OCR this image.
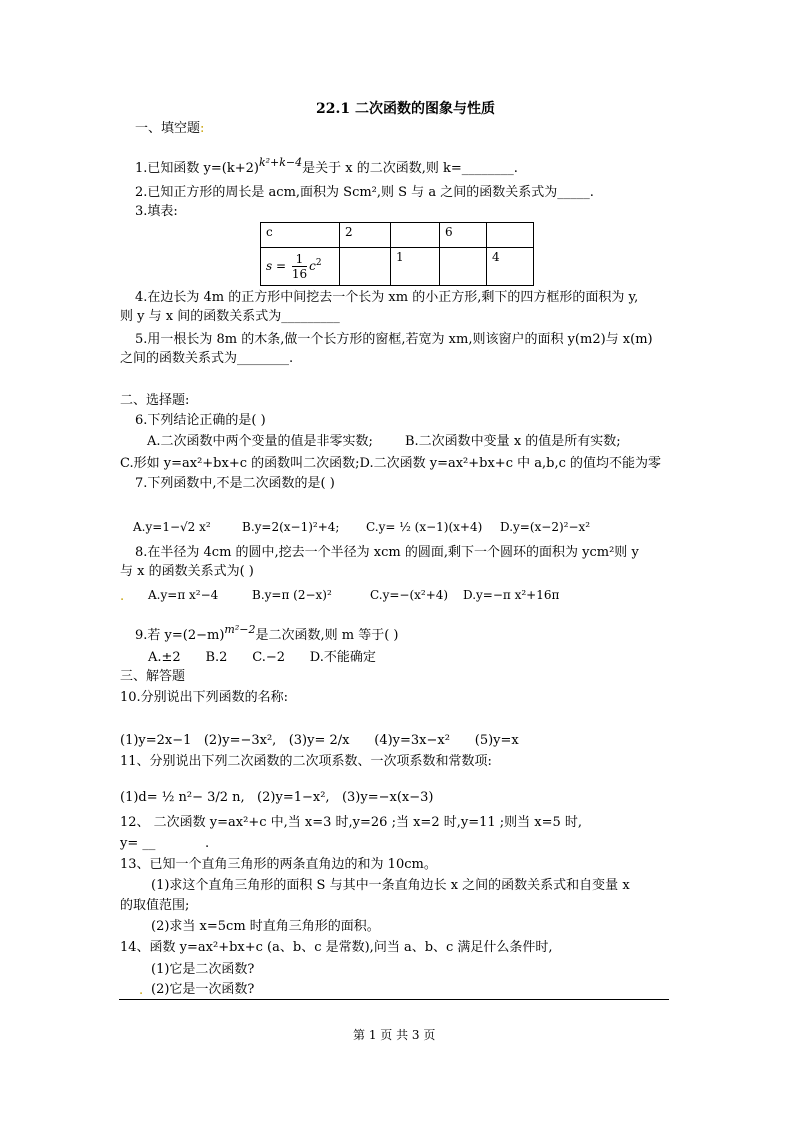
22.1 二次函数的图象与性质
一、填空题:
1.已知函数 $y=(k+2)^{k^2+k-4}$是关于 x 的二次函数,则 k=________.
2.已知正方形的周长是 acm,面积为 Scm²,则 S 与 a 之间的函数关系式为_____.
3.填表:
c	2		6	
$s = \frac{1}{16} c^2$		1		4
4.在边长为 4m 的正方形中间挖去一个长为 xm 的小正方形,剩下的四方框形的面积为 y,
则 y 与 x 间的函数关系式为_________
5.用一根长为 8m 的木条,做一个长方形的窗框,若宽为 xm,则该窗户的面积 y(m2)与 x(m)
之间的函数关系式为________.
二、选择题:
6.下列结论正确的是( )
A.二次函数中两个变量的值是非零实数; B.二次函数中变量 x 的值是所有实数;
C.形如 y=ax²+bx+c 的函数叫二次函数;D.二次函数 y=ax²+bx+c 中 a,b,c 的值均不能为零
7.下列函数中,不是二次函数的是( )
A.y=1−√2 x²	B.y=2(x−1)²+4; C.y= ½ (x−1)(x+4) D.y=(x−2)²−x²
8.在半径为 4cm 的圆中,挖去一个半径为 xcm 的圆面,剩下一个圆环的面积为 ycm²则 y
与 x 的函数关系式为( )
. A.y=π x²−4	B.y=π (2−x)²	C.y=−(x²+4) D.y=−π x²+16π
9.若 $y=(2-m)^{m^2-2}$是二次函数,则 m 等于( )
A.±2      B.2      C.−2      D.不能确定
三、解答题
10.分别说出下列函数的名称:
(1)y=2x−1   (2)y=−3x²,   (3)y= 2/x      (4)y=3x−x²      (5)y=x
11、分别说出下列二次函数的二次项系数、一次项系数和常数项:
(1)d= ½ n²− 3/2 n,   (2)y=1−x²,   (3)y=−x(x−3)
12、 二次函数 y=ax²+c 中,当 x=3 时,y=26 ;当 x=2 时,y=11 ;则当 x=5 时,
y= __            .
13、已知一个直角三角形的两条直角边的和为 10cm。
(1)求这个直角三角形的面积 S 与其中一条直角边长 x 之间的函数关系式和自变量 x
的取值范围;
(2)求当 x=5cm 时直角三角形的面积。
14、函数 y=ax²+bx+c (a、b、c 是常数),问当 a、b、c 满足什么条件时,
(1)它是二次函数?
. (2)它是一次函数?
第 1 页 共 3 页
